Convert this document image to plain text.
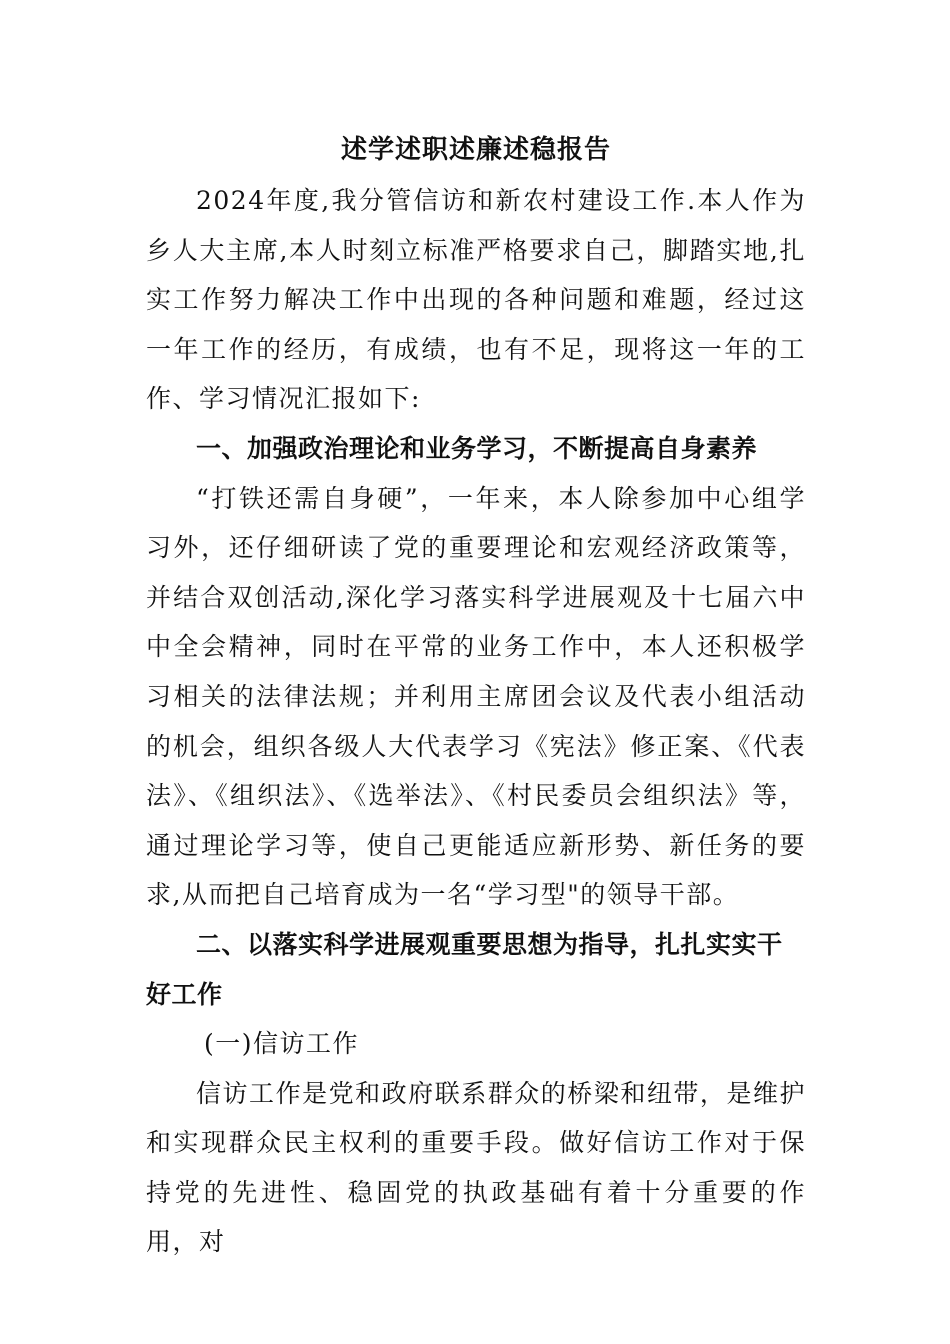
述学述职述廉述稳报告

2024年度,我分管信访和新农村建设工作.本人作为乡人大主席,本人时刻立标准严格要求自己，脚踏实地,扎实工作努力解决工作中出现的各种问题和难题，经过这一年工作的经历，有成绩，也有不足，现将这一年的工作、学习情况汇报如下:

一、加强政治理论和业务学习，不断提高自身素养

“打铁还需自身硬”，一年来，本人除参加中心组学习外，还仔细研读了党的重要理论和宏观经济政策等，并结合双创活动,深化学习落实科学进展观及十七届六中中全会精神，同时在平常的业务工作中，本人还积极学习相关的法律法规；并利用主席团会议及代表小组活动的机会，组织各级人大代表学习《宪法》修正案、《代表法》、《组织法》、《选举法》、《村民委员会组织法》等，通过理论学习等，使自己更能适应新形势、新任务的要求,从而把自己培育成为一名“学习型"的领导干部。

二、以落实科学进展观重要思想为指导，扎扎实实干好工作

(一)信访工作

信访工作是党和政府联系群众的桥梁和纽带，是维护和实现群众民主权利的重要手段。做好信访工作对于保持党的先进性、稳固党的执政基础有着十分重要的作用，对
